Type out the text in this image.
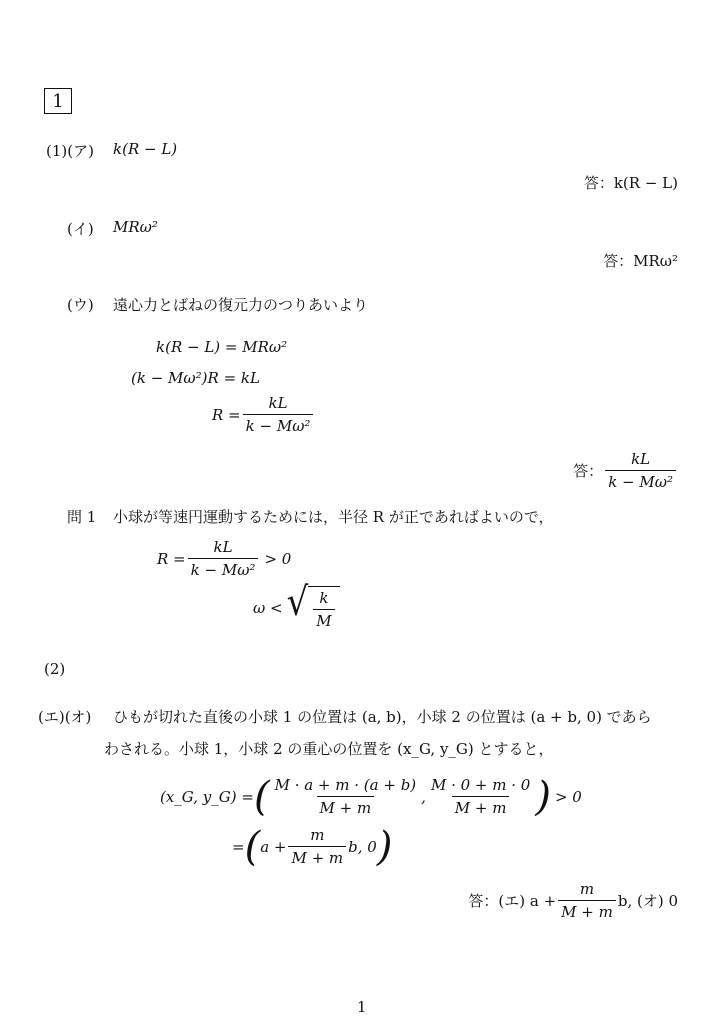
1
(1)(ア) k(R − L)
答：k(R − L)
(イ) MRω²
答：MRω²
(ウ) 遠心力とばねの復元力のつりあいより
k(R − L) = MRω²
(k − Mω²)R = kL
$R = \frac{kL}{\text{k − Mω²}}$
答： $\frac{kL}{\text{k − Mω²}}$
問 1 小球が等速円運動するためには，半径 R が正であればよいので，
$R = \frac{kL}{\text{k − Mω²}} > 0$
ω < √ $\frac{k}{M}$
(2)
(エ)(オ) ひもが切れた直後の小球 1 の位置は (a, b)，小球 2 の位置は (a + b, 0) であら
わされる。小球 1，小球 2 の重心の位置を (x_G, y_G) とすると，
(x_G, y_G) = ( $\frac{M \cdot a + m \cdot (a + b)}{M + m}$ , $\frac{M \cdot 0 + m \cdot 0}{M + m}$ ) > 0
= ( $a + \frac{m}{M + m} b$, 0 )
答：(エ) $a + \frac{m}{M + m} b$, (オ) 0
1
